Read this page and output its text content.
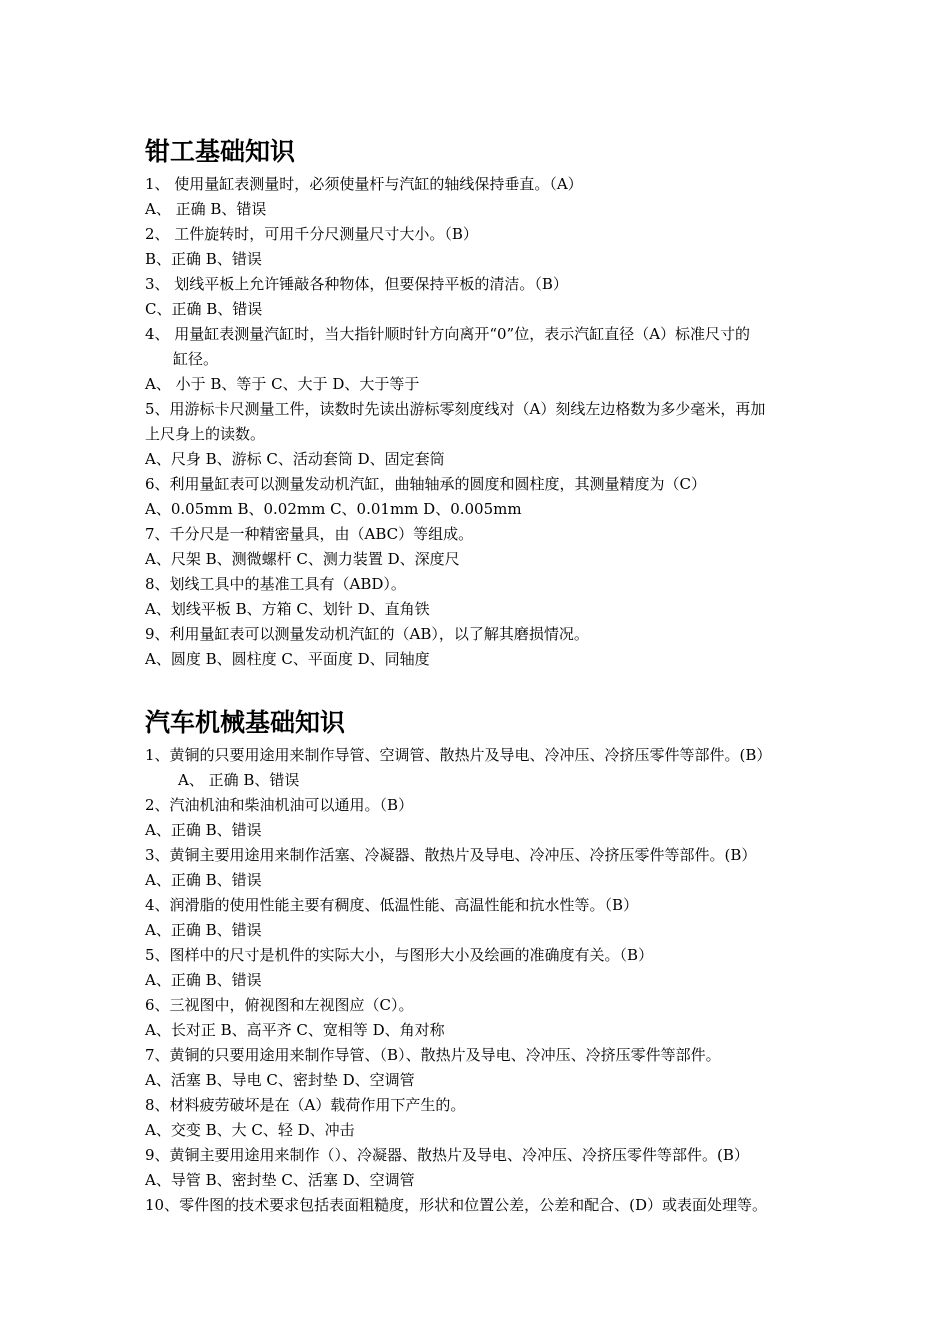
钳工基础知识
1、 使用量缸表测量时，必须使量杆与汽缸的轴线保持垂直。（A）
A、 正确 B、错误
2、 工件旋转时，可用千分尺测量尺寸大小。（B）
B、正确 B、错误
3、 划线平板上允许锤敲各种物体，但要保持平板的清洁。（B）
C、正确 B、错误
4、 用量缸表测量汽缸时，当大指针顺时针方向离开“0”位，表示汽缸直径（A）标准尺寸的
缸径。
A、 小于 B、等于 C、大于 D、大于等于
5、用游标卡尺测量工件，读数时先读出游标零刻度线对（A）刻线左边格数为多少毫米，再加
上尺身上的读数。
A、尺身 B、游标 C、活动套筒 D、固定套筒
6、利用量缸表可以测量发动机汽缸，曲轴轴承的圆度和圆柱度，其测量精度为（C）
A、0.05mm B、0.02mm C、0.01mm D、0.005mm
7、千分尺是一种精密量具，由（ABC）等组成。
A、尺架 B、测微螺杆 C、测力装置 D、深度尺
8、划线工具中的基准工具有（ABD）。
A、划线平板 B、方箱 C、划针 D、直角铁
9、利用量缸表可以测量发动机汽缸的（AB），以了解其磨损情况。
A、圆度 B、圆柱度 C、平面度 D、同轴度
汽车机械基础知识
1、黄铜的只要用途用来制作导管、空调管、散热片及导电、冷冲压、冷挤压零件等部件。(B）
A、 正确 B、错误
2、汽油机油和柴油机油可以通用。（B）
A、正确 B、错误
3、黄铜主要用途用来制作活塞、冷凝器、散热片及导电、冷冲压、冷挤压零件等部件。(B）
A、正确 B、错误
4、润滑脂的使用性能主要有稠度、低温性能、高温性能和抗水性等。（B）
A、正确 B、错误
5、图样中的尺寸是机件的实际大小，与图形大小及绘画的准确度有关。（B）
A、正确 B、错误
6、三视图中，俯视图和左视图应（C）。
A、长对正 B、高平齐 C、宽相等 D、角对称
7、黄铜的只要用途用来制作导管、（B）、散热片及导电、冷冲压、冷挤压零件等部件。
A、活塞 B、导电 C、密封垫 D、空调管
8、材料疲劳破坏是在（A）载荷作用下产生的。
A、交变 B、大 C、轻 D、冲击
9、黄铜主要用途用来制作（）、冷凝器、散热片及导电、冷冲压、冷挤压零件等部件。(B）
A、导管 B、密封垫 C、活塞 D、空调管
10、零件图的技术要求包括表面粗糙度，形状和位置公差，公差和配合、(D）或表面处理等。
